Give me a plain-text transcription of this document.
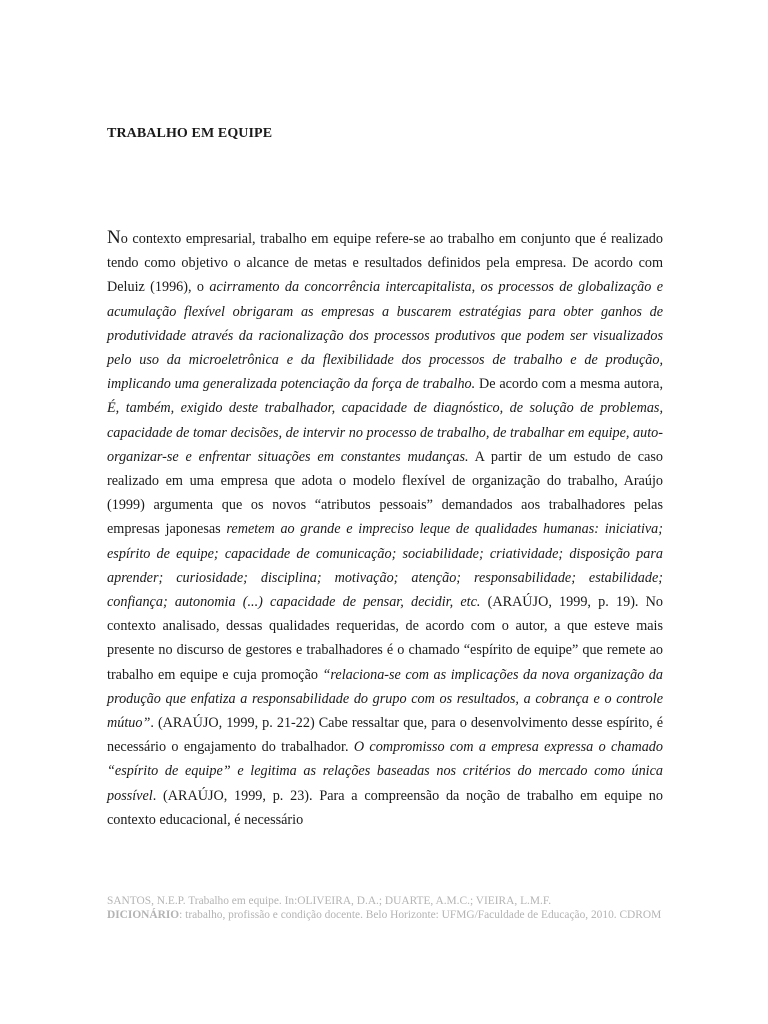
TRABALHO EM EQUIPE

No contexto empresarial, trabalho em equipe refere-se ao trabalho em conjunto que é realizado tendo como objetivo o alcance de metas e resultados definidos pela empresa. De acordo com Deluiz (1996), o acirramento da concorrência intercapitalista, os processos de globalização e acumulação flexível obrigaram as empresas a buscarem estratégias para obter ganhos de produtividade através da racionalização dos processos produtivos que podem ser visualizados pelo uso da microeletrônica e da flexibilidade dos processos de trabalho e de produção, implicando uma generalizada potenciação da força de trabalho. De acordo com a mesma autora, É, também, exigido deste trabalhador, capacidade de diagnóstico, de solução de problemas, capacidade de tomar decisões, de intervir no processo de trabalho, de trabalhar em equipe, auto-organizar-se e enfrentar situações em constantes mudanças. A partir de um estudo de caso realizado em uma empresa que adota o modelo flexível de organização do trabalho, Araújo (1999) argumenta que os novos “atributos pessoais” demandados aos trabalhadores pelas empresas japonesas remetem ao grande e impreciso leque de qualidades humanas: iniciativa; espírito de equipe; capacidade de comunicação; sociabilidade; criatividade; disposição para aprender; curiosidade; disciplina; motivação; atenção; responsabilidade; estabilidade; confiança; autonomia (...) capacidade de pensar, decidir, etc. (ARAÚJO, 1999, p. 19). No contexto analisado, dessas qualidades requeridas, de acordo com o autor, a que esteve mais presente no discurso de gestores e trabalhadores é o chamado “espírito de equipe” que remete ao trabalho em equipe e cuja promoção “relaciona-se com as implicações da nova organização da produção que enfatiza a responsabilidade do grupo com os resultados, a cobrança e o controle mútuo”. (ARAÚJO, 1999, p. 21-22) Cabe ressaltar que, para o desenvolvimento desse espírito, é necessário o engajamento do trabalhador. O compromisso com a empresa expressa o chamado “espírito de equipe” e legitima as relações baseadas nos critérios do mercado como única possível. (ARAÚJO, 1999, p. 23). Para a compreensão da noção de trabalho em equipe no contexto educacional, é necessário

SANTOS, N.E.P. Trabalho em equipe. In:OLIVEIRA, D.A.; DUARTE, A.M.C.; VIEIRA, L.M.F.
DICIONÁRIO: trabalho, profissão e condição docente. Belo Horizonte: UFMG/Faculdade de Educação, 2010. CDROM
